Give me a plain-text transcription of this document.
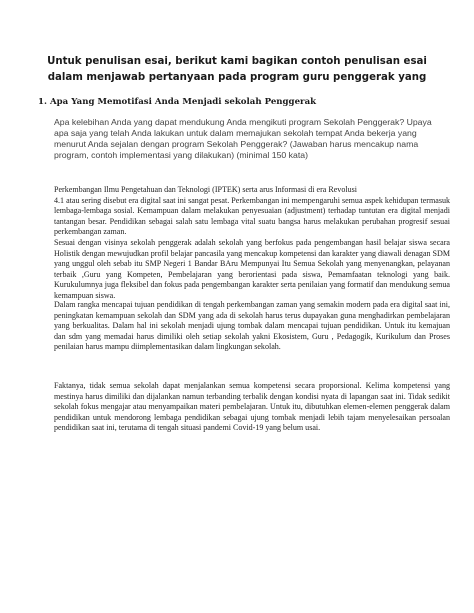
Untuk penulisan esai, berikut kami bagikan contoh penulisan esai dalam menjawab pertanyaan pada program guru penggerak yang

1. Apa Yang Memotifasi Anda Menjadi sekolah Penggerak

Apa kelebihan Anda yang dapat mendukung Anda mengikuti program Sekolah Penggerak? Upaya apa saja yang telah Anda lakukan untuk dalam memajukan sekolah tempat Anda bekerja yang menurut Anda sejalan dengan program Sekolah Penggerak? (Jawaban harus mencakup nama program, contoh implementasi yang dilakukan) (minimal 150 kata)

Perkembangan Ilmu Pengetahuan dan Teknologi (IPTEK) serta arus Informasi di era Revolusi

4.1 atau sering disebut era digital saat ini sangat pesat. Perkembangan ini mempengaruhi semua aspek kehidupan termasuk lembaga-lembaga sosial. Kemampuan dalam melakukan penyesuaian (adjustment) terhadap tuntutan era digital menjadi tantangan besar. Pendidikan sebagai salah satu lembaga vital suatu bangsa harus melakukan perubahan progresif sesuai perkembangan zaman.

Sesuai dengan visinya sekolah penggerak adalah sekolah yang berfokus pada pengembangan hasil belajar siswa secara Holistik dengan mewujudkan profil belajar pancasila yang mencakup kompetensi dan karakter yang diawali denagan SDM yang unggul oleh sebab itu SMP Negeri 1 Bandar BAru Mempunyai Itu Semua Sekolah yang menyenangkan, pelayanan terbaik ,Guru yang Kompeten, Pembelajaran yang berorientasi pada siswa, Pemamfaatan teknologi yang baik. Kurukulumnya juga fleksibel dan fokus pada pengembangan karakter serta penilaian yang formatif dan mendukung semua kemampuan siswa.

Dalam rangka mencapai tujuan pendidikan di tengah perkembangan zaman yang semakin modern pada era digital saat ini, peningkatan kemampuan sekolah dan SDM yang ada di sekolah harus terus dupayakan guna menghadirkan pembelajaran yang berkualitas. Dalam hal ini sekolah menjadi ujung tombak dalam mencapai tujuan pendidikan. Untuk itu kemajuan dan sdm yang memadai harus dimiliki oleh setiap sekolah yakni Ekosistem, Guru , Pedagogik, Kurikulum dan Proses penilaian harus mampu diimplementasikan dalam lingkungan sekolah.

Faktanya, tidak semua sekolah dapat menjalankan semua kompetensi secara proporsional. Kelima kompetensi yang mestinya harus dimiliki dan dijalankan namun terbanding terbalik dengan kondisi nyata di lapangan saat ini. Tidak sedikit sekolah fokus mengajar atau menyampaikan materi pembelajaran. Untuk itu, dibutuhkan elemen-elemen penggerak dalam pendidikan untuk mendorong lembaga pendidikan sebagai ujung tombak menjadi lebih tajam menyelesaikan persoalan pendidikan saat ini, terutama di tengah situasi pandemi Covid-19 yang belum usai.
